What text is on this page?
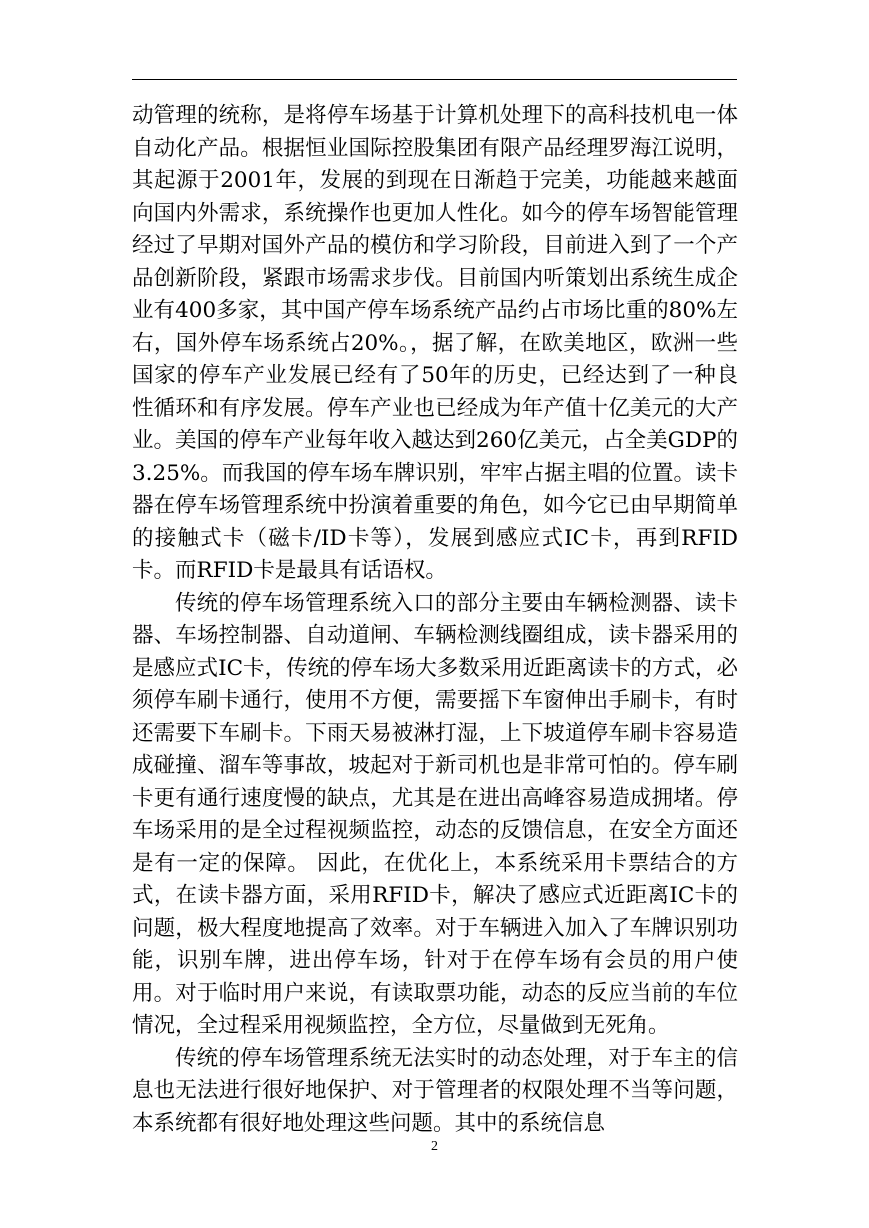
动管理的统称，是将停车场基于计算机处理下的高科技机电一体自动化产品。根据恒业国际控股集团有限产品经理罗海江说明，其起源于2001年，发展的到现在日渐趋于完美，功能越来越面向国内外需求，系统操作也更加人性化。如今的停车场智能管理经过了早期对国外产品的模仿和学习阶段，目前进入到了一个产品创新阶段，紧跟市场需求步伐。目前国内听策划出系统生成企业有400多家，其中国产停车场系统产品约占市场比重的80%左右，国外停车场系统占20%。，据了解，在欧美地区，欧洲一些国家的停车产业发展已经有了50年的历史，已经达到了一种良性循环和有序发展。停车产业也已经成为年产值十亿美元的大产业。美国的停车产业每年收入越达到260亿美元，占全美GDP的3.25%。而我国的停车场车牌识别，牢牢占据主唱的位置。读卡器在停车场管理系统中扮演着重要的角色，如今它已由早期简单的接触式卡（磁卡/ID卡等），发展到感应式IC卡，再到RFID卡。而RFID卡是最具有话语权。

传统的停车场管理系统入口的部分主要由车辆检测器、读卡器、车场控制器、自动道闸、车辆检测线圈组成，读卡器采用的是感应式IC卡，传统的停车场大多数采用近距离读卡的方式，必须停车刷卡通行，使用不方便，需要摇下车窗伸出手刷卡，有时还需要下车刷卡。下雨天易被淋打湿，上下坡道停车刷卡容易造成碰撞、溜车等事故，坡起对于新司机也是非常可怕的。停车刷卡更有通行速度慢的缺点，尤其是在进出高峰容易造成拥堵。停车场采用的是全过程视频监控，动态的反馈信息，在安全方面还是有一定的保障。 因此，在优化上，本系统采用卡票结合的方式，在读卡器方面，采用RFID卡，解决了感应式近距离IC卡的问题，极大程度地提高了效率。对于车辆进入加入了车牌识别功能，识别车牌，进出停车场，针对于在停车场有会员的用户使用。对于临时用户来说，有读取票功能，动态的反应当前的车位情况，全过程采用视频监控，全方位，尽量做到无死角。

传统的停车场管理系统无法实时的动态处理，对于车主的信息也无法进行很好地保护、对于管理者的权限处理不当等问题，本系统都有很好地处理这些问题。其中的系统信息

2
